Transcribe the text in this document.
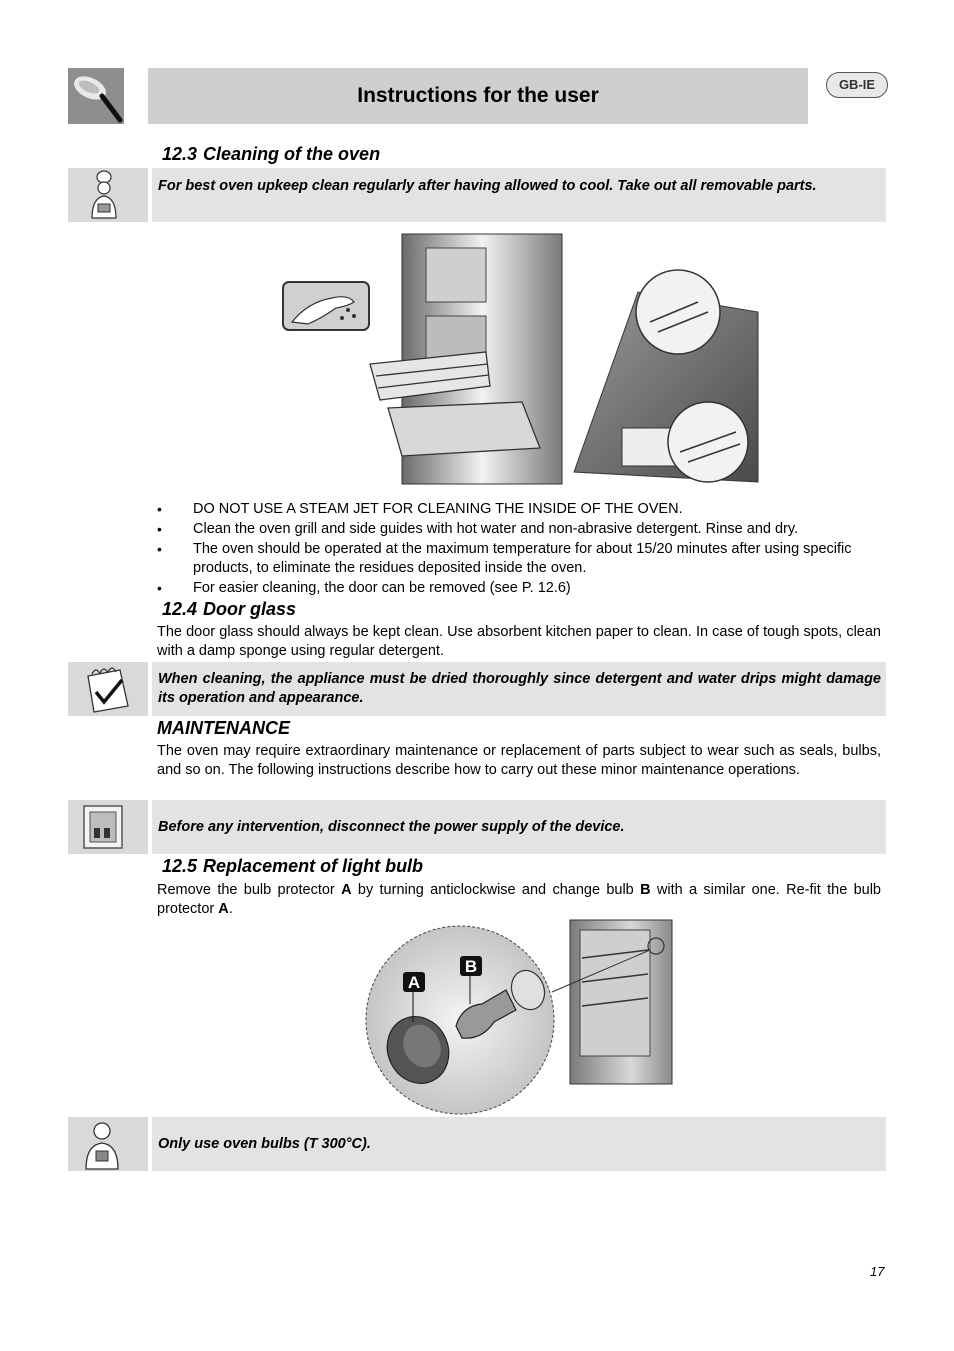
Instructions for the user	GB-IE
12.3 Cleaning of the oven
For best oven upkeep clean regularly after having allowed to cool. Take out all removable parts.
• DO NOT USE A STEAM JET FOR CLEANING THE INSIDE OF THE OVEN.
• Clean the oven grill and side guides with hot water and non-abrasive detergent. Rinse and dry.
• The oven should be operated at the maximum temperature for about 15/20 minutes after using specific products, to eliminate the residues deposited inside the oven.
• For easier cleaning, the door can be removed (see P. 12.6)
12.4 Door glass
The door glass should always be kept clean. Use absorbent kitchen paper to clean. In case of tough spots, clean with a damp sponge using regular detergent.
When cleaning, the appliance must be dried thoroughly since detergent and water drips might damage its operation and appearance.
MAINTENANCE
The oven may require extraordinary maintenance or replacement of parts subject to wear such as seals, bulbs, and so on. The following instructions describe how to carry out these minor maintenance operations.
Before any intervention, disconnect the power supply of the device.
12.5 Replacement of light bulb
Remove the bulb protector A by turning anticlockwise and change bulb B with a similar one. Re-fit the bulb protector A.
A
B
Only use oven bulbs (T 300°C).
17
